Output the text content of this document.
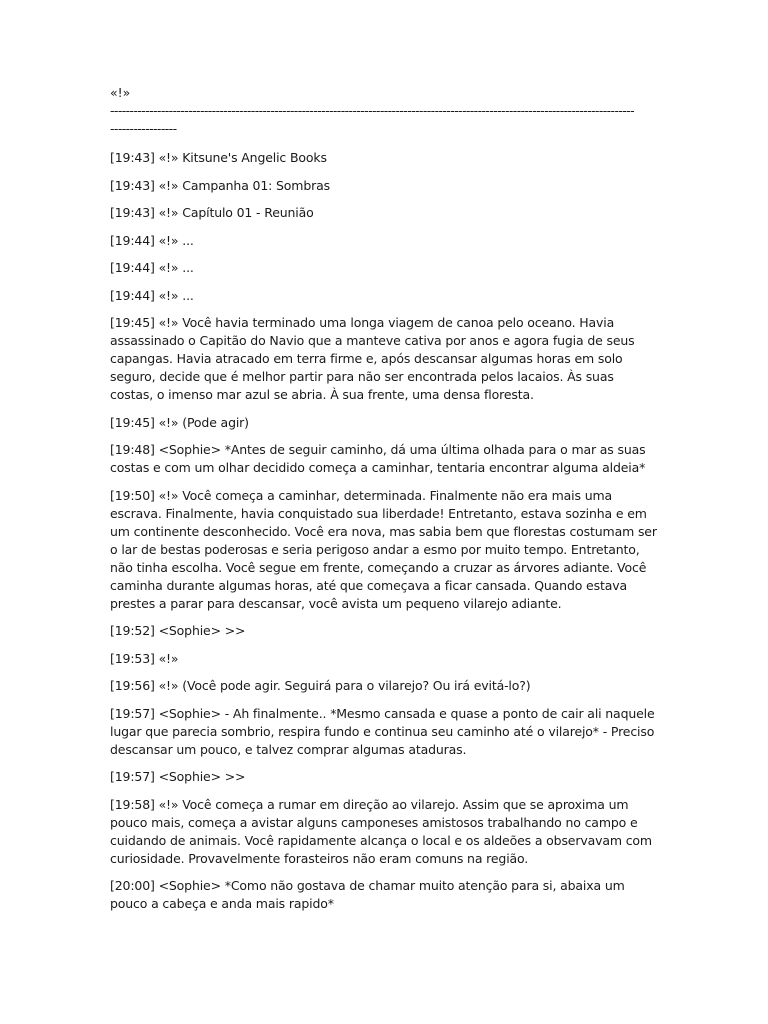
«!»
--------------------------------------------------------------------------------------------------------------------------------------
-----------------

[19:43] «!» Kitsune's Angelic Books

[19:43] «!» Campanha 01: Sombras

[19:43] «!» Capítulo 01 - Reunião

[19:44] «!» ...

[19:44] «!» ...

[19:44] «!» ...

[19:45] «!» Você havia terminado uma longa viagem de canoa pelo oceano. Havia assassinado o Capitão do Navio que a manteve cativa por anos e agora fugia de seus capangas. Havia atracado em terra firme e, após descansar algumas horas em solo seguro, decide que é melhor partir para não ser encontrada pelos lacaios. Às suas costas, o imenso mar azul se abria. À sua frente, uma densa floresta.

[19:45] «!» (Pode agir)

[19:48] <Sophie> *Antes de seguir caminho, dá uma última olhada para o mar as suas costas e com um olhar decidido começa a caminhar, tentaria encontrar alguma aldeia*

[19:50] «!» Você começa a caminhar, determinada. Finalmente não era mais uma escrava. Finalmente, havia conquistado sua liberdade! Entretanto, estava sozinha e em um continente desconhecido. Você era nova, mas sabia bem que florestas costumam ser o lar de bestas poderosas e seria perigoso andar a esmo por muito tempo. Entretanto, não tinha escolha. Você segue em frente, começando a cruzar as árvores adiante. Você caminha durante algumas horas, até que começava a ficar cansada. Quando estava prestes a parar para descansar, você avista um pequeno vilarejo adiante.

[19:52] <Sophie> >>

[19:53] «!»

[19:56] «!» (Você pode agir. Seguirá para o vilarejo? Ou irá evitá-lo?)

[19:57] <Sophie> - Ah finalmente.. *Mesmo cansada e quase a ponto de cair ali naquele lugar que parecia sombrio, respira fundo e continua seu caminho até o vilarejo* - Preciso descansar um pouco, e talvez comprar algumas ataduras.

[19:57] <Sophie> >>

[19:58] «!» Você começa a rumar em direção ao vilarejo. Assim que se aproxima um pouco mais, começa a avistar alguns camponeses amistosos trabalhando no campo e cuidando de animais. Você rapidamente alcança o local e os aldeões a observavam com curiosidade. Provavelmente forasteiros não eram comuns na região.

[20:00] <Sophie> *Como não gostava de chamar muito atenção para si, abaixa um pouco a cabeça e anda mais rapido*
